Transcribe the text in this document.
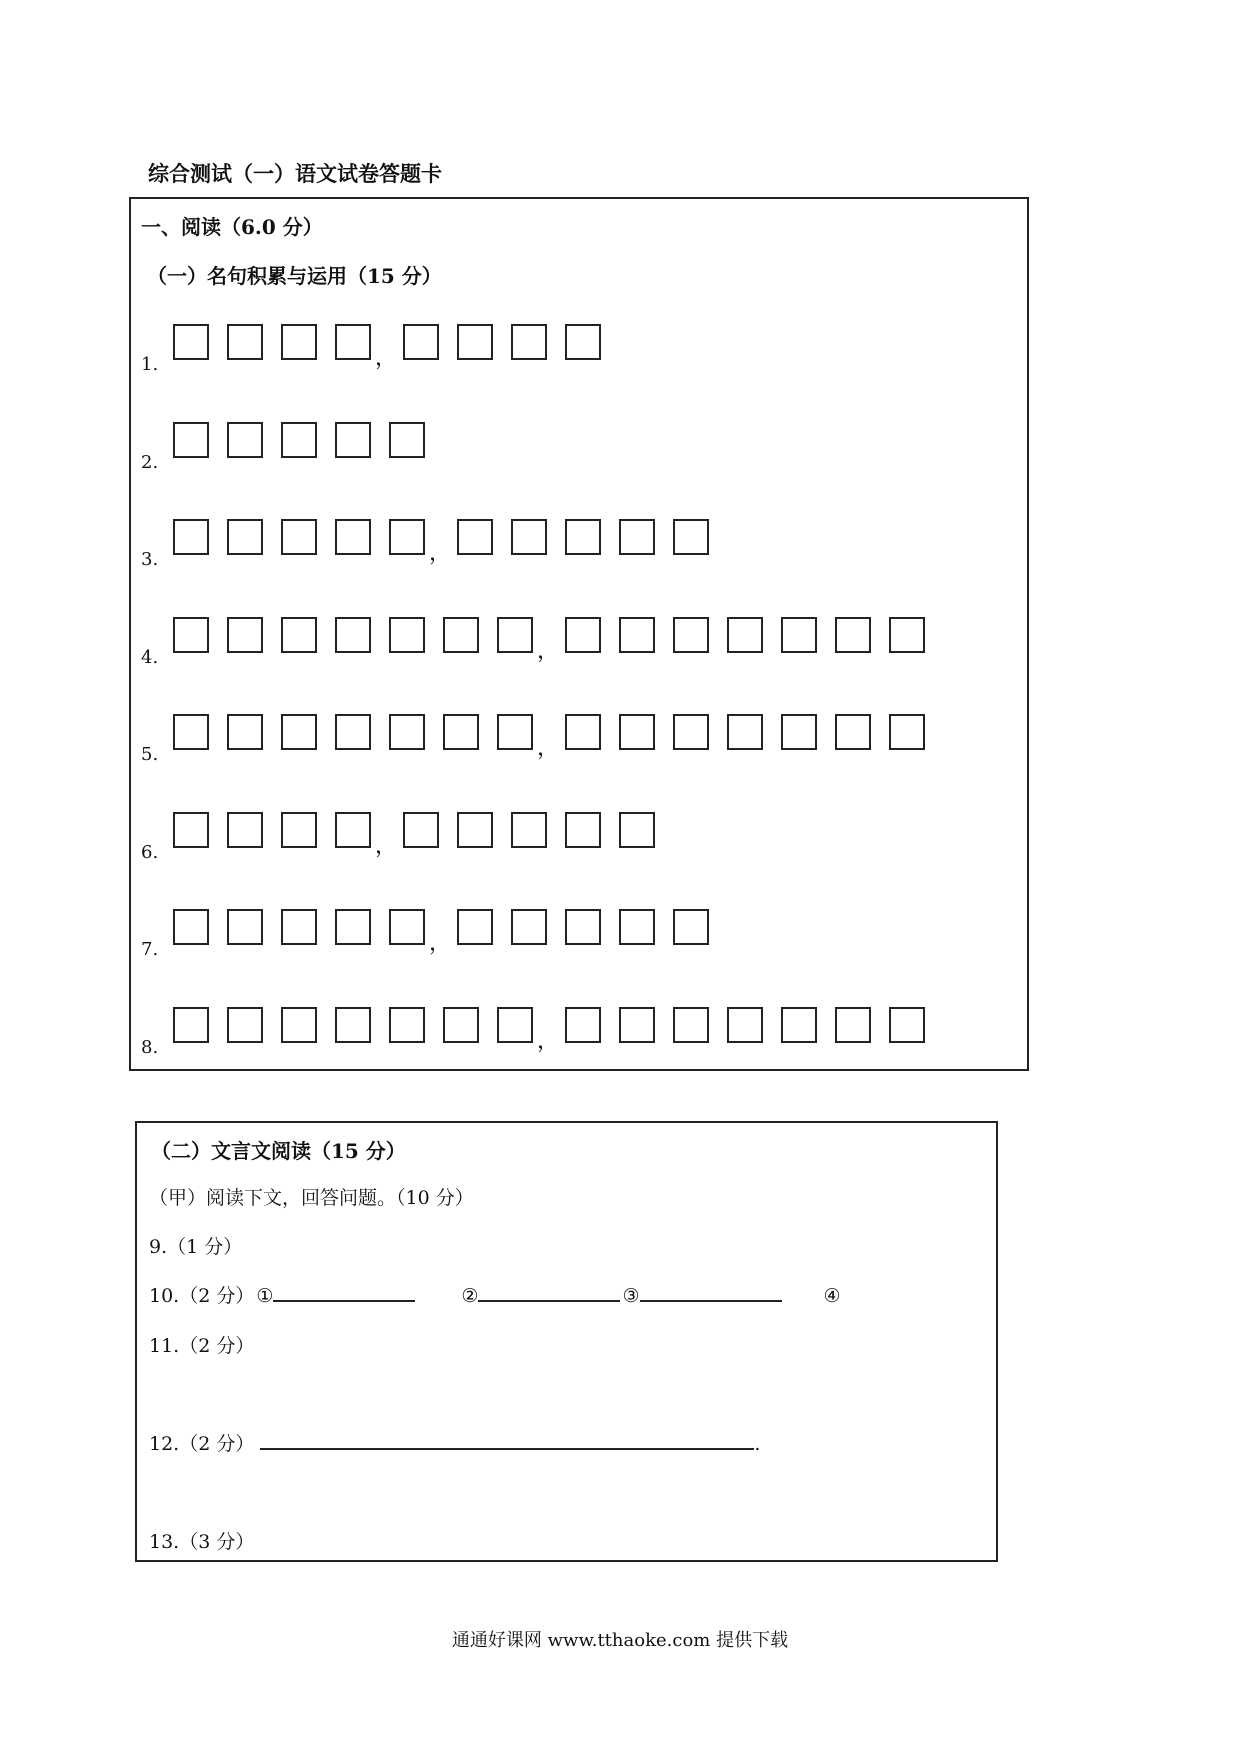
综合测试（一）语文试卷答题卡
一、阅读（6.0 分）
（一）名句积累与运用（15 分）
1.	，
2.
3.	，
4.	，
5.	，
6.	，
7.	，
8.	，
（二）文言文阅读（15 分）
（甲）阅读下文，回答问题。（10 分）
9.（1 分）
10.（2 分） ①	②	③	④
11.（2 分）
12.（2 分）	.
13.（3 分）
通通好课网 www.tthaoke.com 提供下载
